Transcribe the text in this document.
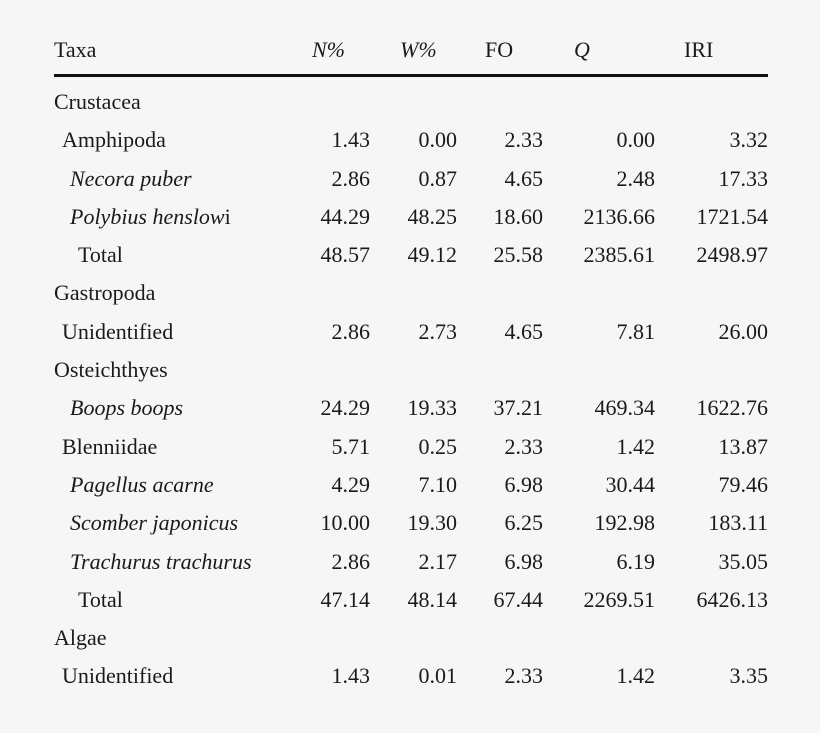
Taxa	N%	W% FO	Q	IRI
Crustacea
Amphipoda	1.43 0.00 2.33	0.00	3.32
Necora puber	2.86 0.87 4.65	2.48	17.33
Polybius henslowi	44.29 48.25 18.60 2136.66 1721.54
Total	48.57 49.12 25.58 2385.61 2498.97
Gastropoda
Unidentified	2.86 2.73 4.65	7.81	26.00
Osteichthyes
Boops boops	24.29 19.33 37.21 469.34 1622.76
Blenniidae	5.71 0.25 2.33	1.42	13.87
Pagellus acarne	4.29 7.10 6.98	30.44	79.46
Scomber japonicus	10.00 19.30 6.25 192.98 183.11
Trachurus trachurus	2.86 2.17 6.98	6.19	35.05
Total	47.14 48.14 67.44 2269.51 6426.13
Algae
Unidentified	1.43 0.01 2.33	1.42	3.35
